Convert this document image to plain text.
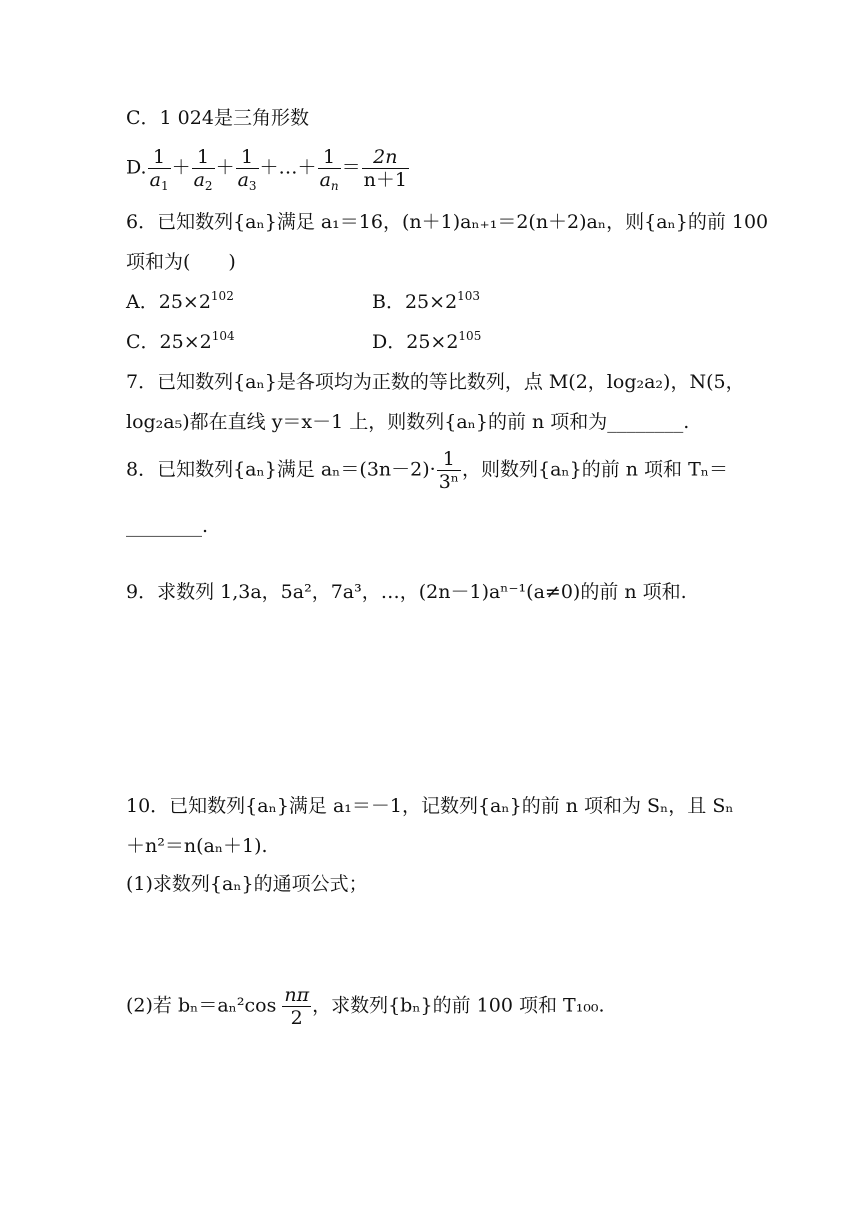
C．1 024是三角形数
D. $\frac{1}{a_1} + \frac{1}{a_2} + \frac{1}{a_3}$ ＋…＋ $\frac{1}{a_n} = \frac{2n}{n+1}$
6．已知数列{aₙ}满足 a₁＝16，(n＋1)aₙ₊₁＝2(n＋2)aₙ，则{aₙ}的前 100
项和为(　　)
A．$25\times 2^{102}$	B．$25\times 2^{103}$
C．$25\times 2^{104}$	D．$25\times 2^{105}$
7．已知数列{aₙ}是各项均为正数的等比数列，点 M(2，log₂a₂)，N(5，
log₂a₅)都在直线 y＝x－1 上，则数列{aₙ}的前 n 项和为________.
8．已知数列{aₙ}满足 $a_n=(3n-2)\cdot \frac{1}{\text{3ⁿ}}$ ，则数列{aₙ}的前 n 项和 Tₙ＝
________.
9．求数列 1,3a，5a²，7a³，…，(2n－1)aⁿ⁻¹(a≠0)的前 n 项和.
10．已知数列{aₙ}满足 a₁＝－1，记数列{aₙ}的前 n 项和为 Sₙ，且 Sₙ
＋n²＝n(aₙ＋1).
(1)求数列{aₙ}的通项公式；
(2)若 $b_n=a_n^2\cos \frac{n\pi}{2}$ ，求数列{bₙ}的前 100 项和 T₁₀₀.
